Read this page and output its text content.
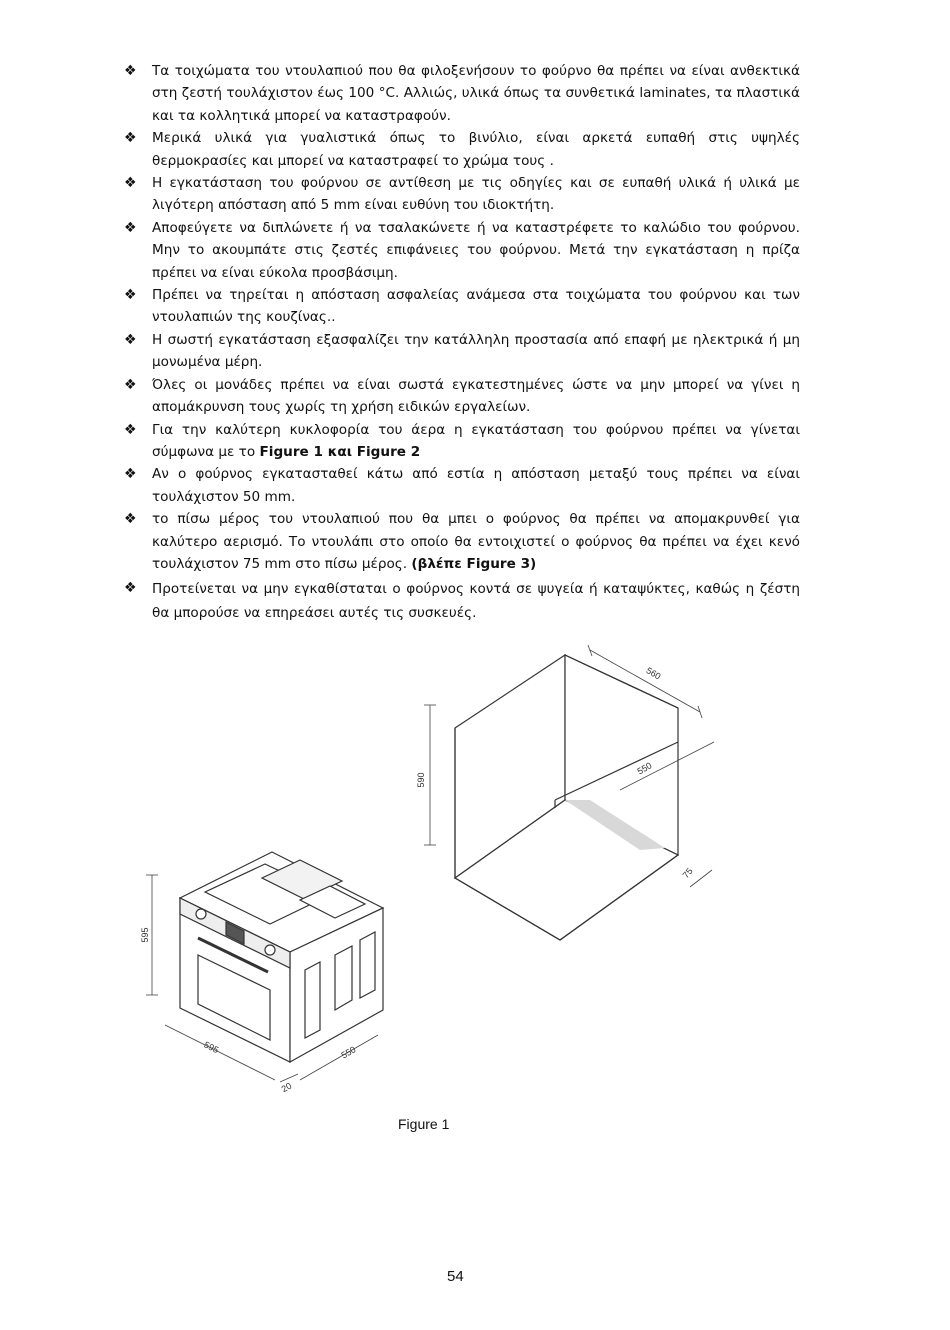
❖ Τα τοιχώματα του ντουλαπιού που θα φιλοξενήσουν το φούρνο θα πρέπει να είναι ανθεκτικά στη ζεστή τουλάχιστον έως 100 °C. Αλλιώς, υλικά όπως τα συνθετικά laminates, τα πλαστικά και τα κολλητικά μπορεί να καταστραφούν.
❖ Μερικά υλικά για γυαλιστικά όπως το βινύλιο, είναι αρκετά ευπαθή στις υψηλές θερμοκρασίες και μπορεί να καταστραφεί το χρώμα τους .
❖ Η εγκατάσταση του φούρνου σε αντίθεση με τις οδηγίες και σε ευπαθή υλικά ή υλικά με λιγότερη απόσταση από 5 mm είναι ευθύνη του ιδιοκτήτη.
❖ Αποφεύγετε να διπλώνετε ή να τσαλακώνετε ή να καταστρέφετε το καλώδιο του φούρνου. Μην το ακουμπάτε στις ζεστές επιφάνειες του φούρνου. Μετά την εγκατάσταση η πρίζα πρέπει να είναι εύκολα προσβάσιμη.
❖ Πρέπει να τηρείται η απόσταση ασφαλείας ανάμεσα στα τοιχώματα του φούρνου και των ντουλαπιών της κουζίνας..
❖ Η σωστή εγκατάσταση εξασφαλίζει την κατάλληλη προστασία από επαφή με ηλεκτρικά ή μη μονωμένα μέρη.
❖ Όλες οι μονάδες πρέπει να είναι σωστά εγκατεστημένες ώστε να μην μπορεί να γίνει η απομάκρυνση τους χωρίς τη χρήση ειδικών εργαλείων.
❖ Για την καλύτερη κυκλοφορία του άερα η εγκατάσταση του φούρνου πρέπει να γίνεται σύμφωνα με το Figure 1 και Figure 2
❖ Αν ο φούρνος εγκατασταθεί κάτω από εστία η απόσταση μεταξύ τους πρέπει να είναι τουλάχιστον 50 mm.
❖ το πίσω μέρος του ντουλαπιού που θα μπει ο φούρνος θα πρέπει να απομακρυνθεί για καλύτερο αερισμό. Το ντουλάπι στο οποίο θα εντοιχιστεί ο φούρνος θα πρέπει να έχει κενό τουλάχιστον 75 mm στο πίσω μέρος. (βλέπε Figure 3)
❖ Προτείνεται να μην εγκαθίσταται ο φούρνος κοντά σε ψυγεία ή καταψύκτες, καθώς η ζέστη θα μπορούσε να επηρεάσει αυτές τις συσκευές.
590
560
550
75
595
595	550
20
Figure 1
54
